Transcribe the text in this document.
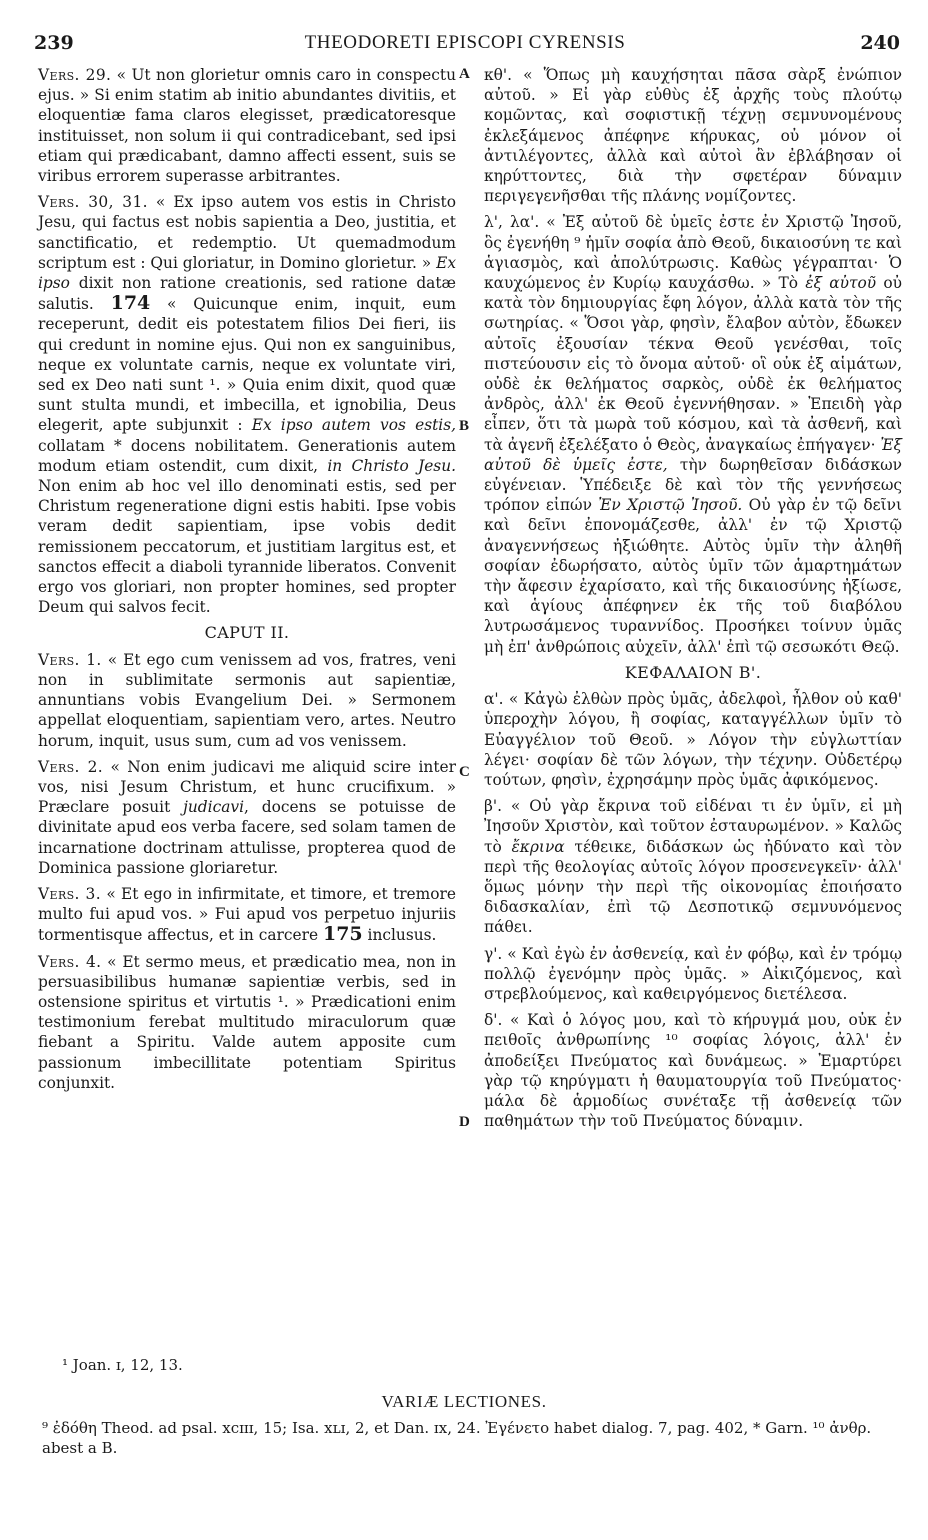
239	THEODORETI EPISCOPI CYRENSIS	240
A
B
C
D

Vers. 29. « Ut non glorietur omnis caro in conspectu ejus. » Si enim statim ab initio abundantes divitiis, et eloquentiæ fama claros elegisset, prædicatoresque instituisset, non solum ii qui contradicebant, sed ipsi etiam qui prædicabant, damno affecti essent, suis se viribus errorem superasse arbitrantes.

Vers. 30, 31. « Ex ipso autem vos estis in Christo Jesu, qui factus est nobis sapientia a Deo, justitia, et sanctificatio, et redemptio. Ut quemadmodum scriptum est : Qui gloriatur, in Domino glorietur. » Ex ipso dixit non ratione creationis, sed ratione datæ salutis. 174 « Quicunque enim, inquit, eum receperunt, dedit eis potestatem filios Dei fieri, iis qui credunt in nomine ejus. Qui non ex sanguinibus, neque ex voluntate carnis, neque ex voluntate viri, sed ex Deo nati sunt ¹. » Quia enim dixit, quod quæ sunt stulta mundi, et imbecilla, et ignobilia, Deus elegerit, apte subjunxit : Ex ipso autem vos estis, collatam * docens nobilitatem. Generationis autem modum etiam ostendit, cum dixit, in Christo Jesu. Non enim ab hoc vel illo denominati estis, sed per Christum regeneratione digni estis habiti. Ipse vobis veram dedit sapientiam, ipse vobis dedit remissionem peccatorum, et justitiam largitus est, et sanctos effecit a diaboli tyrannide liberatos. Convenit ergo vos gloriari, non propter homines, sed propter Deum qui salvos fecit.

CAPUT II.

Vers. 1. « Et ego cum venissem ad vos, fratres, veni non in sublimitate sermonis aut sapientiæ, annuntians vobis Evangelium Dei. » Sermonem appellat eloquentiam, sapientiam vero, artes. Neutro horum, inquit, usus sum, cum ad vos venissem.

Vers. 2. « Non enim judicavi me aliquid scire inter vos, nisi Jesum Christum, et hunc crucifixum. » Præclare posuit judicavi, docens se potuisse de divinitate apud eos verba facere, sed solam tamen de incarnatione doctrinam attulisse, propterea quod de Dominica passione gloriaretur.

Vers. 3. « Et ego in infirmitate, et timore, et tremore multo fui apud vos. » Fui apud vos perpetuo injuriis tormentisque affectus, et in carcere 175 inclusus.

Vers. 4. « Et sermo meus, et prædicatio mea, non in persuasibilibus humanæ sapientiæ verbis, sed in ostensione spiritus et virtutis ¹. » Prædicationi enim testimonium ferebat multitudo miraculorum quæ fiebant a Spiritu. Valde autem apposite cum passionum imbecillitate potentiam Spiritus conjunxit.

κθ'. « Ὅπως μὴ καυχήσηται πᾶσα σὰρξ ἐνώπιον αὐτοῦ. » Εἰ γὰρ εὐθὺς ἐξ ἀρχῆς τοὺς πλούτῳ κομῶντας, καὶ σοφιστικῇ τέχνῃ σεμνυνομένους ἐκλεξάμενος ἀπέφηνε κήρυκας, οὐ μόνον οἱ ἀντιλέγοντες, ἀλλὰ καὶ αὐτοὶ ἂν ἐβλάβησαν οἱ κηρύττοντες, διὰ τὴν σφετέραν δύναμιν περιγεγενῆσθαι τῆς πλάνης νομίζοντες.

λ', λα'. « Ἐξ αὐτοῦ δὲ ὑμεῖς ἐστε ἐν Χριστῷ Ἰησοῦ, ὃς ἐγενήθη ⁹ ἡμῖν σοφία ἀπὸ Θεοῦ, δικαιοσύνη τε καὶ ἁγιασμὸς, καὶ ἀπολύτρωσις. Καθὼς γέγραπται· Ὁ καυχώμενος ἐν Κυρίῳ καυχάσθω. » Τὸ ἐξ αὐτοῦ οὐ κατὰ τὸν δημιουργίας ἔφη λόγον, ἀλλὰ κατὰ τὸν τῆς σωτηρίας. « Ὅσοι γὰρ, φησὶν, ἔλαβον αὐτὸν, ἔδωκεν αὐτοῖς ἐξουσίαν τέκνα Θεοῦ γενέσθαι, τοῖς πιστεύουσιν εἰς τὸ ὄνομα αὐτοῦ· οἳ οὐκ ἐξ αἱμάτων, οὐδὲ ἐκ θελήματος σαρκὸς, οὐδὲ ἐκ θελήματος ἀνδρὸς, ἀλλ' ἐκ Θεοῦ ἐγεννήθησαν. » Ἐπειδὴ γὰρ εἶπεν, ὅτι τὰ μωρὰ τοῦ κόσμου, καὶ τὰ ἀσθενῆ, καὶ τὰ ἀγενῆ ἐξελέξατο ὁ Θεὸς, ἀναγκαίως ἐπήγαγεν· Ἐξ αὐτοῦ δὲ ὑμεῖς ἐστε, τὴν δωρηθεῖσαν διδάσκων εὐγένειαν. Ὑπέδειξε δὲ καὶ τὸν τῆς γεννήσεως τρόπον εἰπών Ἐν Χριστῷ Ἰησοῦ. Οὐ γὰρ ἐν τῷ δεῖνι καὶ δεῖνι ἐπονομάζεσθε, ἀλλ' ἐν τῷ Χριστῷ ἀναγεννήσεως ἠξιώθητε. Αὐτὸς ὑμῖν τὴν ἀληθῆ σοφίαν ἐδωρήσατο, αὐτὸς ὑμῖν τῶν ἁμαρτημάτων τὴν ἄφεσιν ἐχαρίσατο, καὶ τῆς δικαιοσύνης ἠξίωσε, καὶ ἁγίους ἀπέφηνεν ἐκ τῆς τοῦ διαβόλου λυτρωσάμενος τυραννίδος. Προσήκει τοίνυν ὑμᾶς μὴ ἐπ' ἀνθρώποις αὐχεῖν, ἀλλ' ἐπὶ τῷ σεσωκότι Θεῷ.

ΚΕΦΑΛΑΙΟΝ Β'.

α'. « Κἀγὼ ἐλθὼν πρὸς ὑμᾶς, ἀδελφοὶ, ἦλθον οὐ καθ' ὑπεροχὴν λόγου, ἢ σοφίας, καταγγέλλων ὑμῖν τὸ Εὐαγγέλιον τοῦ Θεοῦ. » Λόγον τὴν εὐγλωττίαν λέγει· σοφίαν δὲ τῶν λόγων, τὴν τέχνην. Οὐδετέρῳ τούτων, φησὶν, ἐχρησάμην πρὸς ὑμᾶς ἀφικόμενος.

β'. « Οὐ γὰρ ἔκρινα τοῦ εἰδέναι τι ἐν ὑμῖν, εἰ μὴ Ἰησοῦν Χριστὸν, καὶ τοῦτον ἐσταυρωμένον. » Καλῶς τὸ ἔκρινα τέθεικε, διδάσκων ὡς ἠδύνατο καὶ τὸν περὶ τῆς θεολογίας αὐτοῖς λόγον προσενεγκεῖν· ἀλλ' ὅμως μόνην τὴν περὶ τῆς οἰκονομίας ἐποιήσατο διδασκαλίαν, ἐπὶ τῷ Δεσποτικῷ σεμνυνόμενος πάθει.

γ'. « Καὶ ἐγὼ ἐν ἀσθενείᾳ, καὶ ἐν φόβῳ, καὶ ἐν τρόμῳ πολλῷ ἐγενόμην πρὸς ὑμᾶς. » Αἰκιζόμενος, καὶ στρεβλούμενος, καὶ καθειργόμενος διετέλεσα.

δ'. « Καὶ ὁ λόγος μου, καὶ τὸ κήρυγμά μου, οὐκ ἐν πειθοῖς ἀνθρωπίνης ¹⁰ σοφίας λόγοις, ἀλλ' ἐν ἀποδείξει Πνεύματος καὶ δυνάμεως. » Ἐμαρτύρει γὰρ τῷ κηρύγματι ἡ θαυματουργία τοῦ Πνεύματος· μάλα δὲ ἁρμοδίως συνέταξε τῇ ἀσθενείᾳ τῶν παθημάτων τὴν τοῦ Πνεύματος δύναμιν.

¹ Joan. ɪ, 12, 13.
VARIÆ LECTIONES.
⁹ ἐδόθη Theod. ad psal. xcɪɪɪ, 15; Isa. xʟɪ, 2, et Dan. ɪx, 24. Ἐγένετο habet dialog. 7, pag. 402, * Garn. ¹⁰ ἀνθρ. abest a B.
